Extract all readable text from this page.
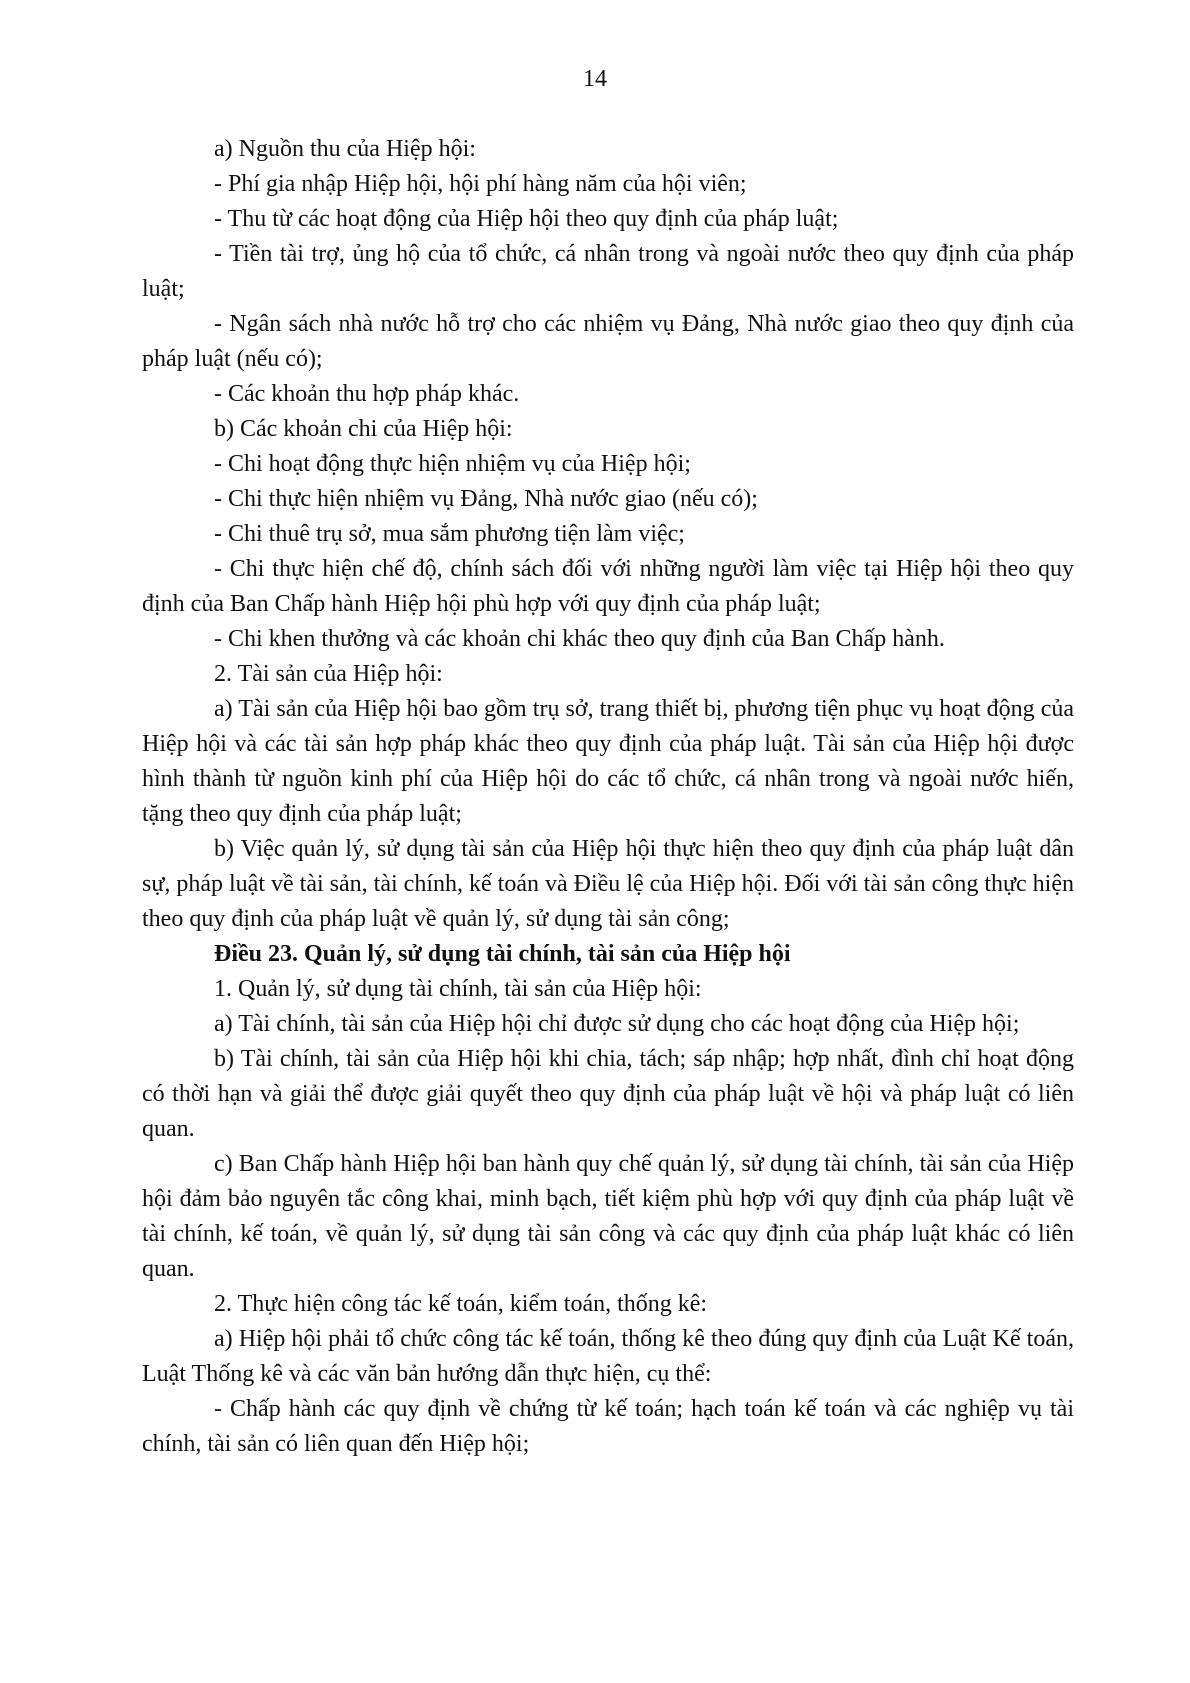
14

a) Nguồn thu của Hiệp hội:

- Phí gia nhập Hiệp hội, hội phí hàng năm của hội viên;

- Thu từ các hoạt động của Hiệp hội theo quy định của pháp luật;

- Tiền tài trợ, ủng hộ của tổ chức, cá nhân trong và ngoài nước theo quy định của pháp luật;

- Ngân sách nhà nước hỗ trợ cho các nhiệm vụ Đảng, Nhà nước giao theo quy định của pháp luật (nếu có);

- Các khoản thu hợp pháp khác.

b) Các khoản chi của Hiệp hội:

- Chi hoạt động thực hiện nhiệm vụ của Hiệp hội;

- Chi thực hiện nhiệm vụ Đảng, Nhà nước giao (nếu có);

- Chi thuê trụ sở, mua sắm phương tiện làm việc;

- Chi thực hiện chế độ, chính sách đối với những người làm việc tại Hiệp hội theo quy định của Ban Chấp hành Hiệp hội phù hợp với quy định của pháp luật;

- Chi khen thưởng và các khoản chi khác theo quy định của Ban Chấp hành.

2. Tài sản của Hiệp hội:

a) Tài sản của Hiệp hội bao gồm trụ sở, trang thiết bị, phương tiện phục vụ hoạt động của Hiệp hội và các tài sản hợp pháp khác theo quy định của pháp luật. Tài sản của Hiệp hội được hình thành từ nguồn kinh phí của Hiệp hội do các tổ chức, cá nhân trong và ngoài nước hiến, tặng theo quy định của pháp luật;

b) Việc quản lý, sử dụng tài sản của Hiệp hội thực hiện theo quy định của pháp luật dân sự, pháp luật về tài sản, tài chính, kế toán và Điều lệ của Hiệp hội. Đối với tài sản công thực hiện theo quy định của pháp luật về quản lý, sử dụng tài sản công;

Điều 23. Quản lý, sử dụng tài chính, tài sản của Hiệp hội

1. Quản lý, sử dụng tài chính, tài sản của Hiệp hội:

a) Tài chính, tài sản của Hiệp hội chỉ được sử dụng cho các hoạt động của Hiệp hội;

b) Tài chính, tài sản của Hiệp hội khi chia, tách; sáp nhập; hợp nhất, đình chỉ hoạt động có thời hạn và giải thể được giải quyết theo quy định của pháp luật về hội và pháp luật có liên quan.

c) Ban Chấp hành Hiệp hội ban hành quy chế quản lý, sử dụng tài chính, tài sản của Hiệp hội đảm bảo nguyên tắc công khai, minh bạch, tiết kiệm phù hợp với quy định của pháp luật về tài chính, kế toán, về quản lý, sử dụng tài sản công và các quy định của pháp luật khác có liên quan.

2. Thực hiện công tác kế toán, kiểm toán, thống kê:

a) Hiệp hội phải tổ chức công tác kế toán, thống kê theo đúng quy định của Luật Kế toán, Luật Thống kê và các văn bản hướng dẫn thực hiện, cụ thể:

- Chấp hành các quy định về chứng từ kế toán; hạch toán kế toán và các nghiệp vụ tài chính, tài sản có liên quan đến Hiệp hội;
